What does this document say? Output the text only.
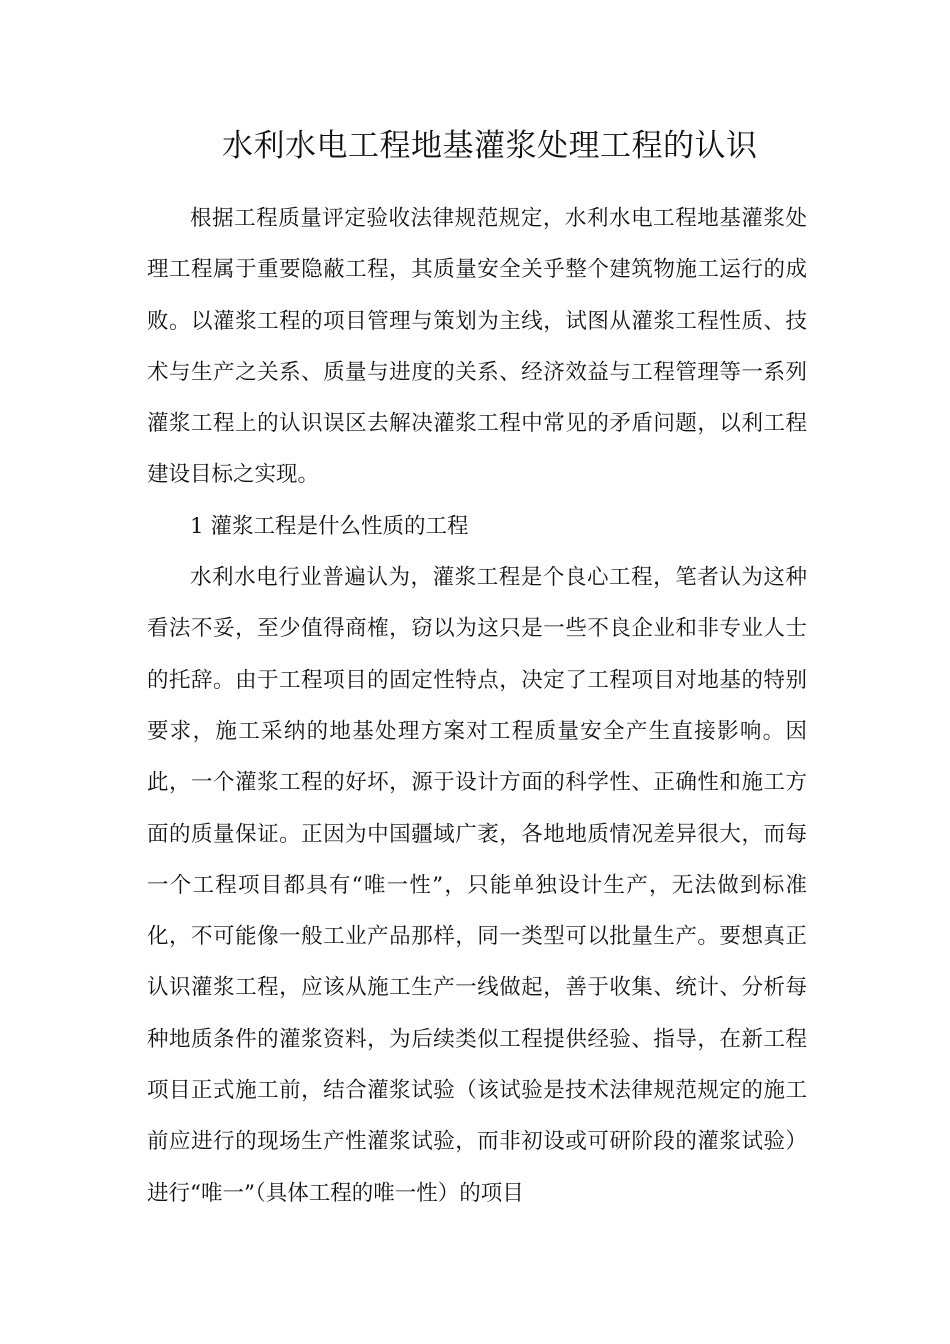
水利水电工程地基灌浆处理工程的认识

根据工程质量评定验收法律规范规定，水利水电工程地基灌浆处理工程属于重要隐蔽工程，其质量安全关乎整个建筑物施工运行的成败。以灌浆工程的项目管理与策划为主线，试图从灌浆工程性质、技术与生产之关系、质量与进度的关系、经济效益与工程管理等一系列灌浆工程上的认识误区去解决灌浆工程中常见的矛盾问题，以利工程建设目标之实现。

1 灌浆工程是什么性质的工程

水利水电行业普遍认为，灌浆工程是个良心工程，笔者认为这种看法不妥，至少值得商榷，窃以为这只是一些不良企业和非专业人士的托辞。由于工程项目的固定性特点，决定了工程项目对地基的特别要求，施工采纳的地基处理方案对工程质量安全产生直接影响。因此，一个灌浆工程的好坏，源于设计方面的科学性、正确性和施工方面的质量保证。正因为中国疆域广袤，各地地质情况差异很大，而每一个工程项目都具有“唯一性”，只能单独设计生产，无法做到标准化，不可能像一般工业产品那样，同一类型可以批量生产。要想真正认识灌浆工程，应该从施工生产一线做起，善于收集、统计、分析每种地质条件的灌浆资料，为后续类似工程提供经验、指导，在新工程项目正式施工前，结合灌浆试验（该试验是技术法律规范规定的施工前应进行的现场生产性灌浆试验，而非初设或可研阶段的灌浆试验）进行“唯一”（具体工程的唯一性）的项目
